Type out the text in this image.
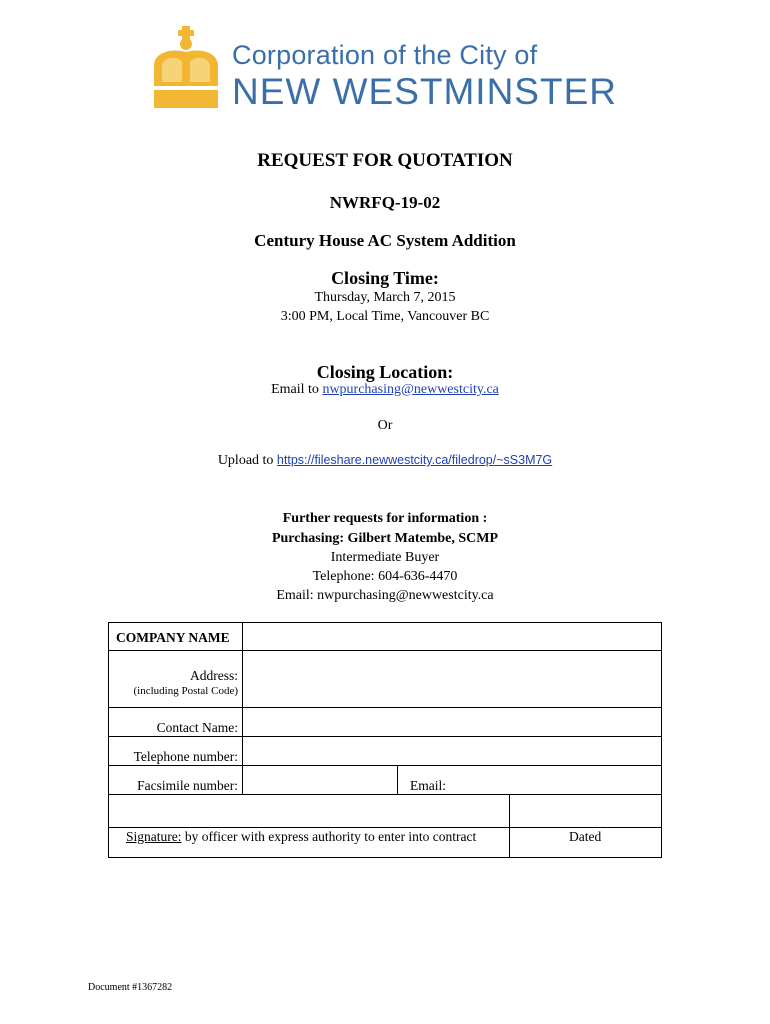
Corporation of the City of
NEW WESTMINSTER
REQUEST FOR QUOTATION
NWRFQ-19-02
Century House AC System Addition
Closing Time:
Thursday, March 7, 2015
3:00 PM, Local Time, Vancouver BC
Closing Location:
Email to nwpurchasing@newwestcity.ca
Or
Upload to https://fileshare.newwestcity.ca/filedrop/~sS3M7G
Further requests for information :
Purchasing: Gilbert Matembe, SCMP
Intermediate Buyer
Telephone: 604-636-4470
Email: nwpurchasing@newwestcity.ca
COMPANY NAME
Address:
(including Postal Code)
Contact Name:
Telephone number:
Facsimile number:	Email:
Signature: by officer with express authority to enter into contract	Dated
Document #1367282
